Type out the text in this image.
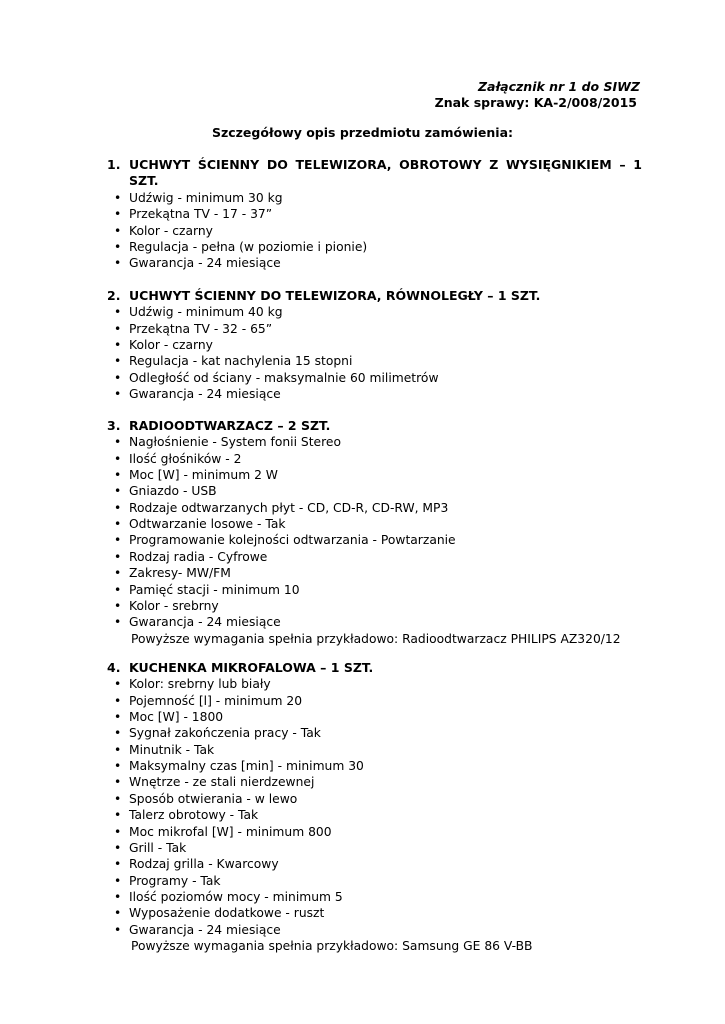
Załącznik nr 1 do SIWZ
Znak sprawy: KA-2/008/2015
Szczegółowy opis przedmiotu zamówienia:
1. UCHWYT ŚCIENNY DO TELEWIZORA, OBROTOWY Z WYSIĘGNIKIEM – 1 SZT.
• Udźwig - minimum 30 kg
• Przekątna TV - 17 - 37”
• Kolor - czarny
• Regulacja - pełna (w poziomie i pionie)
• Gwarancja - 24 miesiące
2. UCHWYT ŚCIENNY DO TELEWIZORA, RÓWNOLEGŁY – 1 SZT.
• Udźwig - minimum 40 kg
• Przekątna TV - 32 - 65”
• Kolor - czarny
• Regulacja - kat nachylenia 15 stopni
• Odległość od ściany - maksymalnie 60 milimetrów
• Gwarancja - 24 miesiące
3. RADIOODTWARZACZ – 2 SZT.
• Nagłośnienie - System fonii Stereo
• Ilość głośników - 2
• Moc [W] - minimum 2 W
• Gniazdo - USB
• Rodzaje odtwarzanych płyt - CD, CD-R, CD-RW, MP3
• Odtwarzanie losowe - Tak
• Programowanie kolejności odtwarzania - Powtarzanie
• Rodzaj radia - Cyfrowe
• Zakresy- MW/FM
• Pamięć stacji - minimum 10
• Kolor - srebrny
• Gwarancja - 24 miesiące
Powyższe wymagania spełnia przykładowo: Radioodtwarzacz PHILIPS AZ320/12
4. KUCHENKA MIKROFALOWA – 1 SZT.
• Kolor: srebrny lub biały
• Pojemność [l] - minimum 20
• Moc [W] - 1800
• Sygnał zakończenia pracy - Tak
• Minutnik - Tak
• Maksymalny czas [min] - minimum 30
• Wnętrze - ze stali nierdzewnej
• Sposób otwierania - w lewo
• Talerz obrotowy - Tak
• Moc mikrofal [W] - minimum 800
• Grill - Tak
• Rodzaj grilla - Kwarcowy
• Programy - Tak
• Ilość poziomów mocy - minimum 5
• Wyposażenie dodatkowe - ruszt
• Gwarancja - 24 miesiące
Powyższe wymagania spełnia przykładowo: Samsung GE 86 V-BB
